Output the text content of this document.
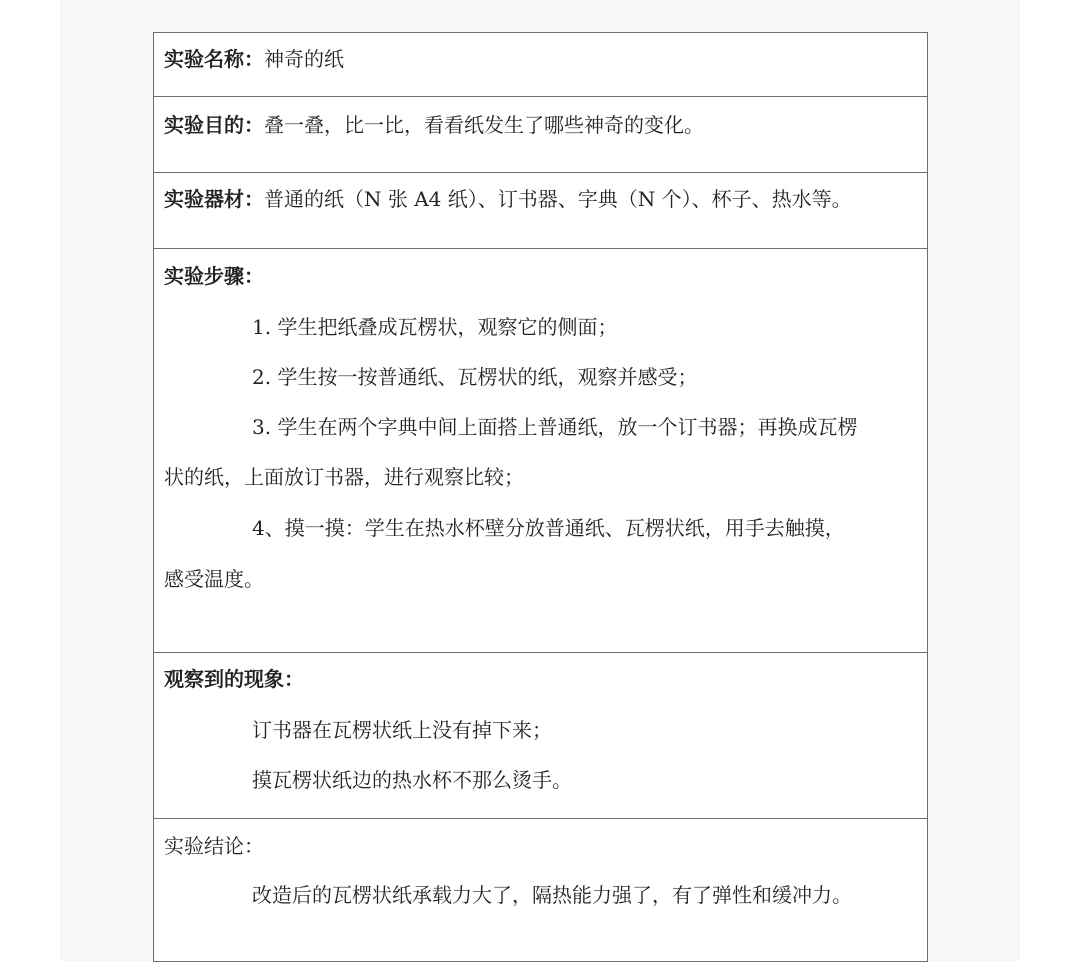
实验名称：神奇的纸
实验目的：叠一叠，比一比，看看纸发生了哪些神奇的变化。
实验器材：普通的纸（N 张 A4 纸）、订书器、字典（N 个）、杯子、热水等。
实验步骤：
1. 学生把纸叠成瓦楞状，观察它的侧面；
2. 学生按一按普通纸、瓦楞状的纸，观察并感受；
3. 学生在两个字典中间上面搭上普通纸，放一个订书器；再换成瓦楞
状的纸，上面放订书器，进行观察比较；
4、摸一摸：学生在热水杯壁分放普通纸、瓦楞状纸，用手去触摸，
感受温度。
观察到的现象：
订书器在瓦楞状纸上没有掉下来；
摸瓦楞状纸边的热水杯不那么烫手。
实验结论：
改造后的瓦楞状纸承载力大了，隔热能力强了，有了弹性和缓冲力。
